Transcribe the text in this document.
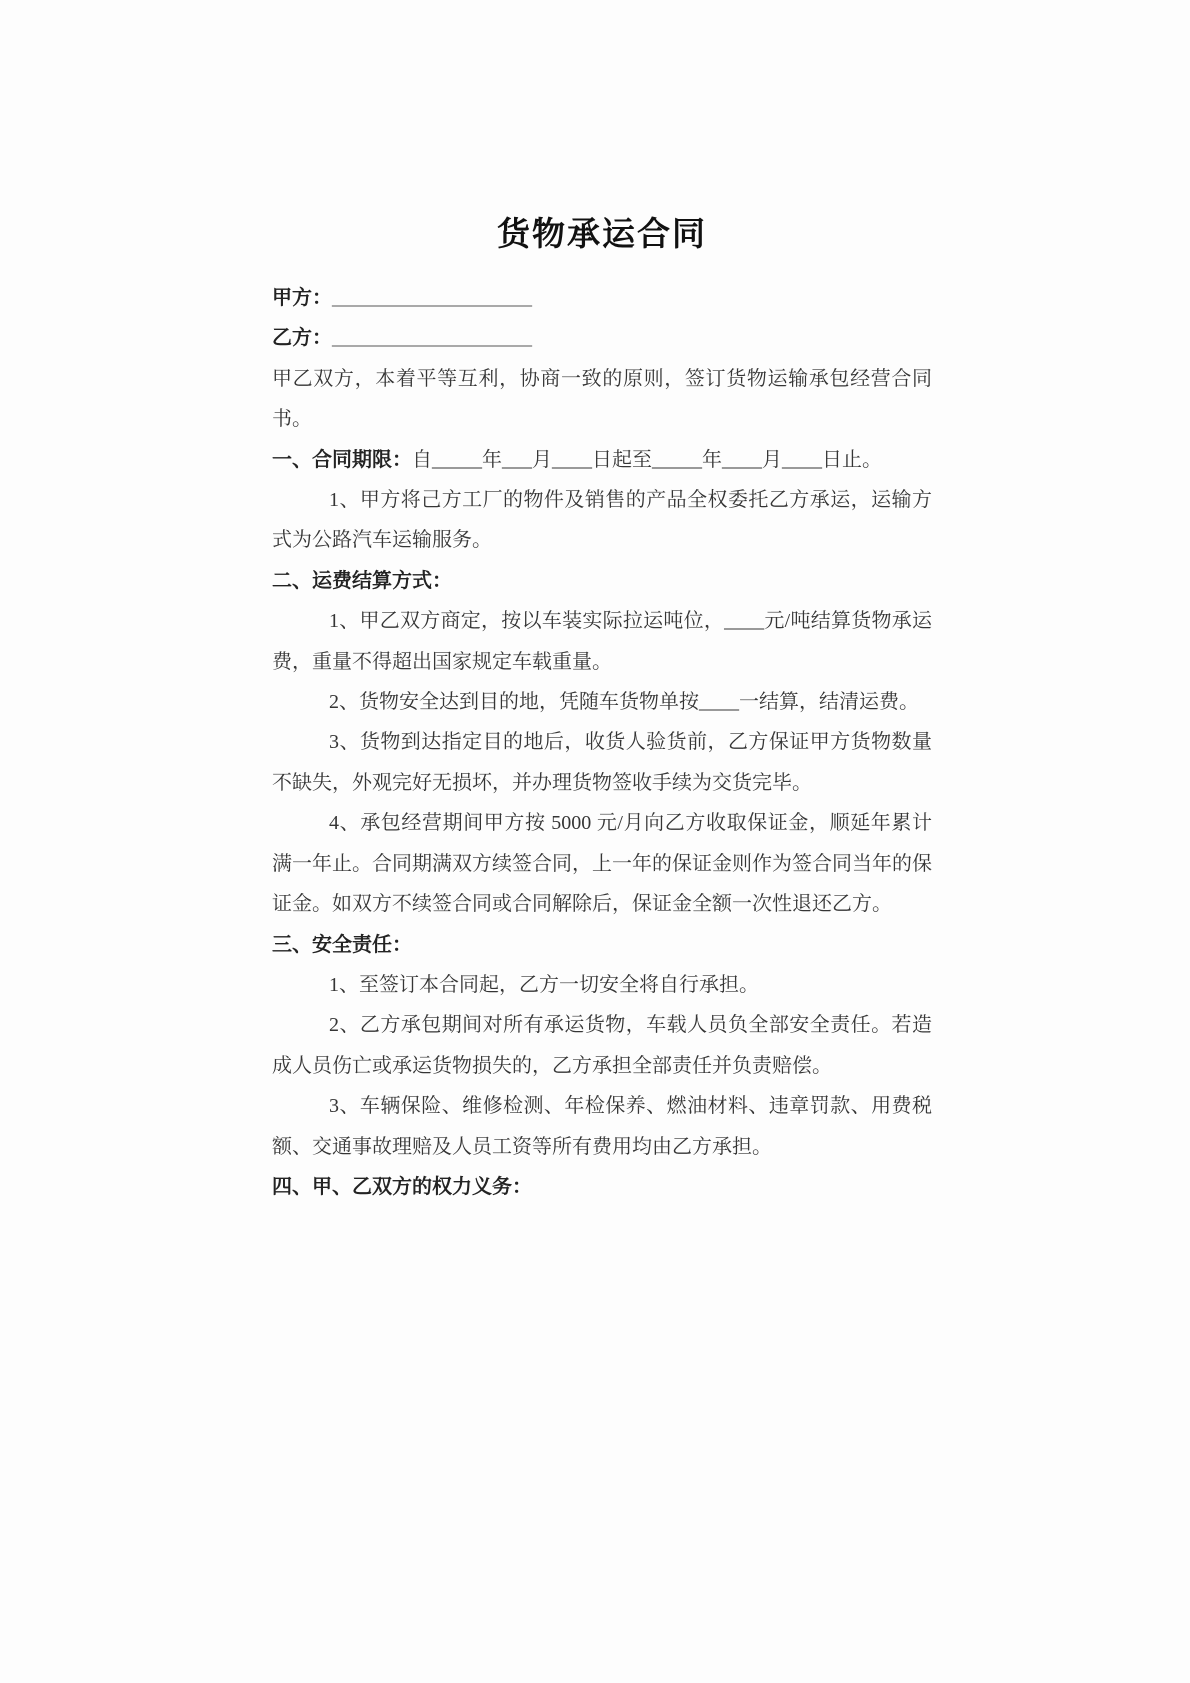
货物承运合同
甲方：____________________
乙方：____________________
甲乙双方，本着平等互利，协商一致的原则，签订货物运输承包经营合同书。
一、合同期限：自_____年___月____日起至_____年____月____日止。
1、甲方将己方工厂的物件及销售的产品全权委托乙方承运，运输方式为公路汽车运输服务。
二、运费结算方式：
1、甲乙双方商定，按以车装实际拉运吨位，____元/吨结算货物承运费，重量不得超出国家规定车载重量。
2、货物安全达到目的地，凭随车货物单按____一结算，结清运费。
3、货物到达指定目的地后，收货人验货前，乙方保证甲方货物数量不缺失，外观完好无损坏，并办理货物签收手续为交货完毕。
4、承包经营期间甲方按 5000 元/月向乙方收取保证金，顺延年累计满一年止。合同期满双方续签合同，上一年的保证金则作为签合同当年的保证金。如双方不续签合同或合同解除后，保证金全额一次性退还乙方。
三、安全责任：
1、至签订本合同起，乙方一切安全将自行承担。
2、乙方承包期间对所有承运货物，车载人员负全部安全责任。若造成人员伤亡或承运货物损失的，乙方承担全部责任并负责赔偿。
3、车辆保险、维修检测、年检保养、燃油材料、违章罚款、用费税额、交通事故理赔及人员工资等所有费用均由乙方承担。
四、甲、乙双方的权力义务：
